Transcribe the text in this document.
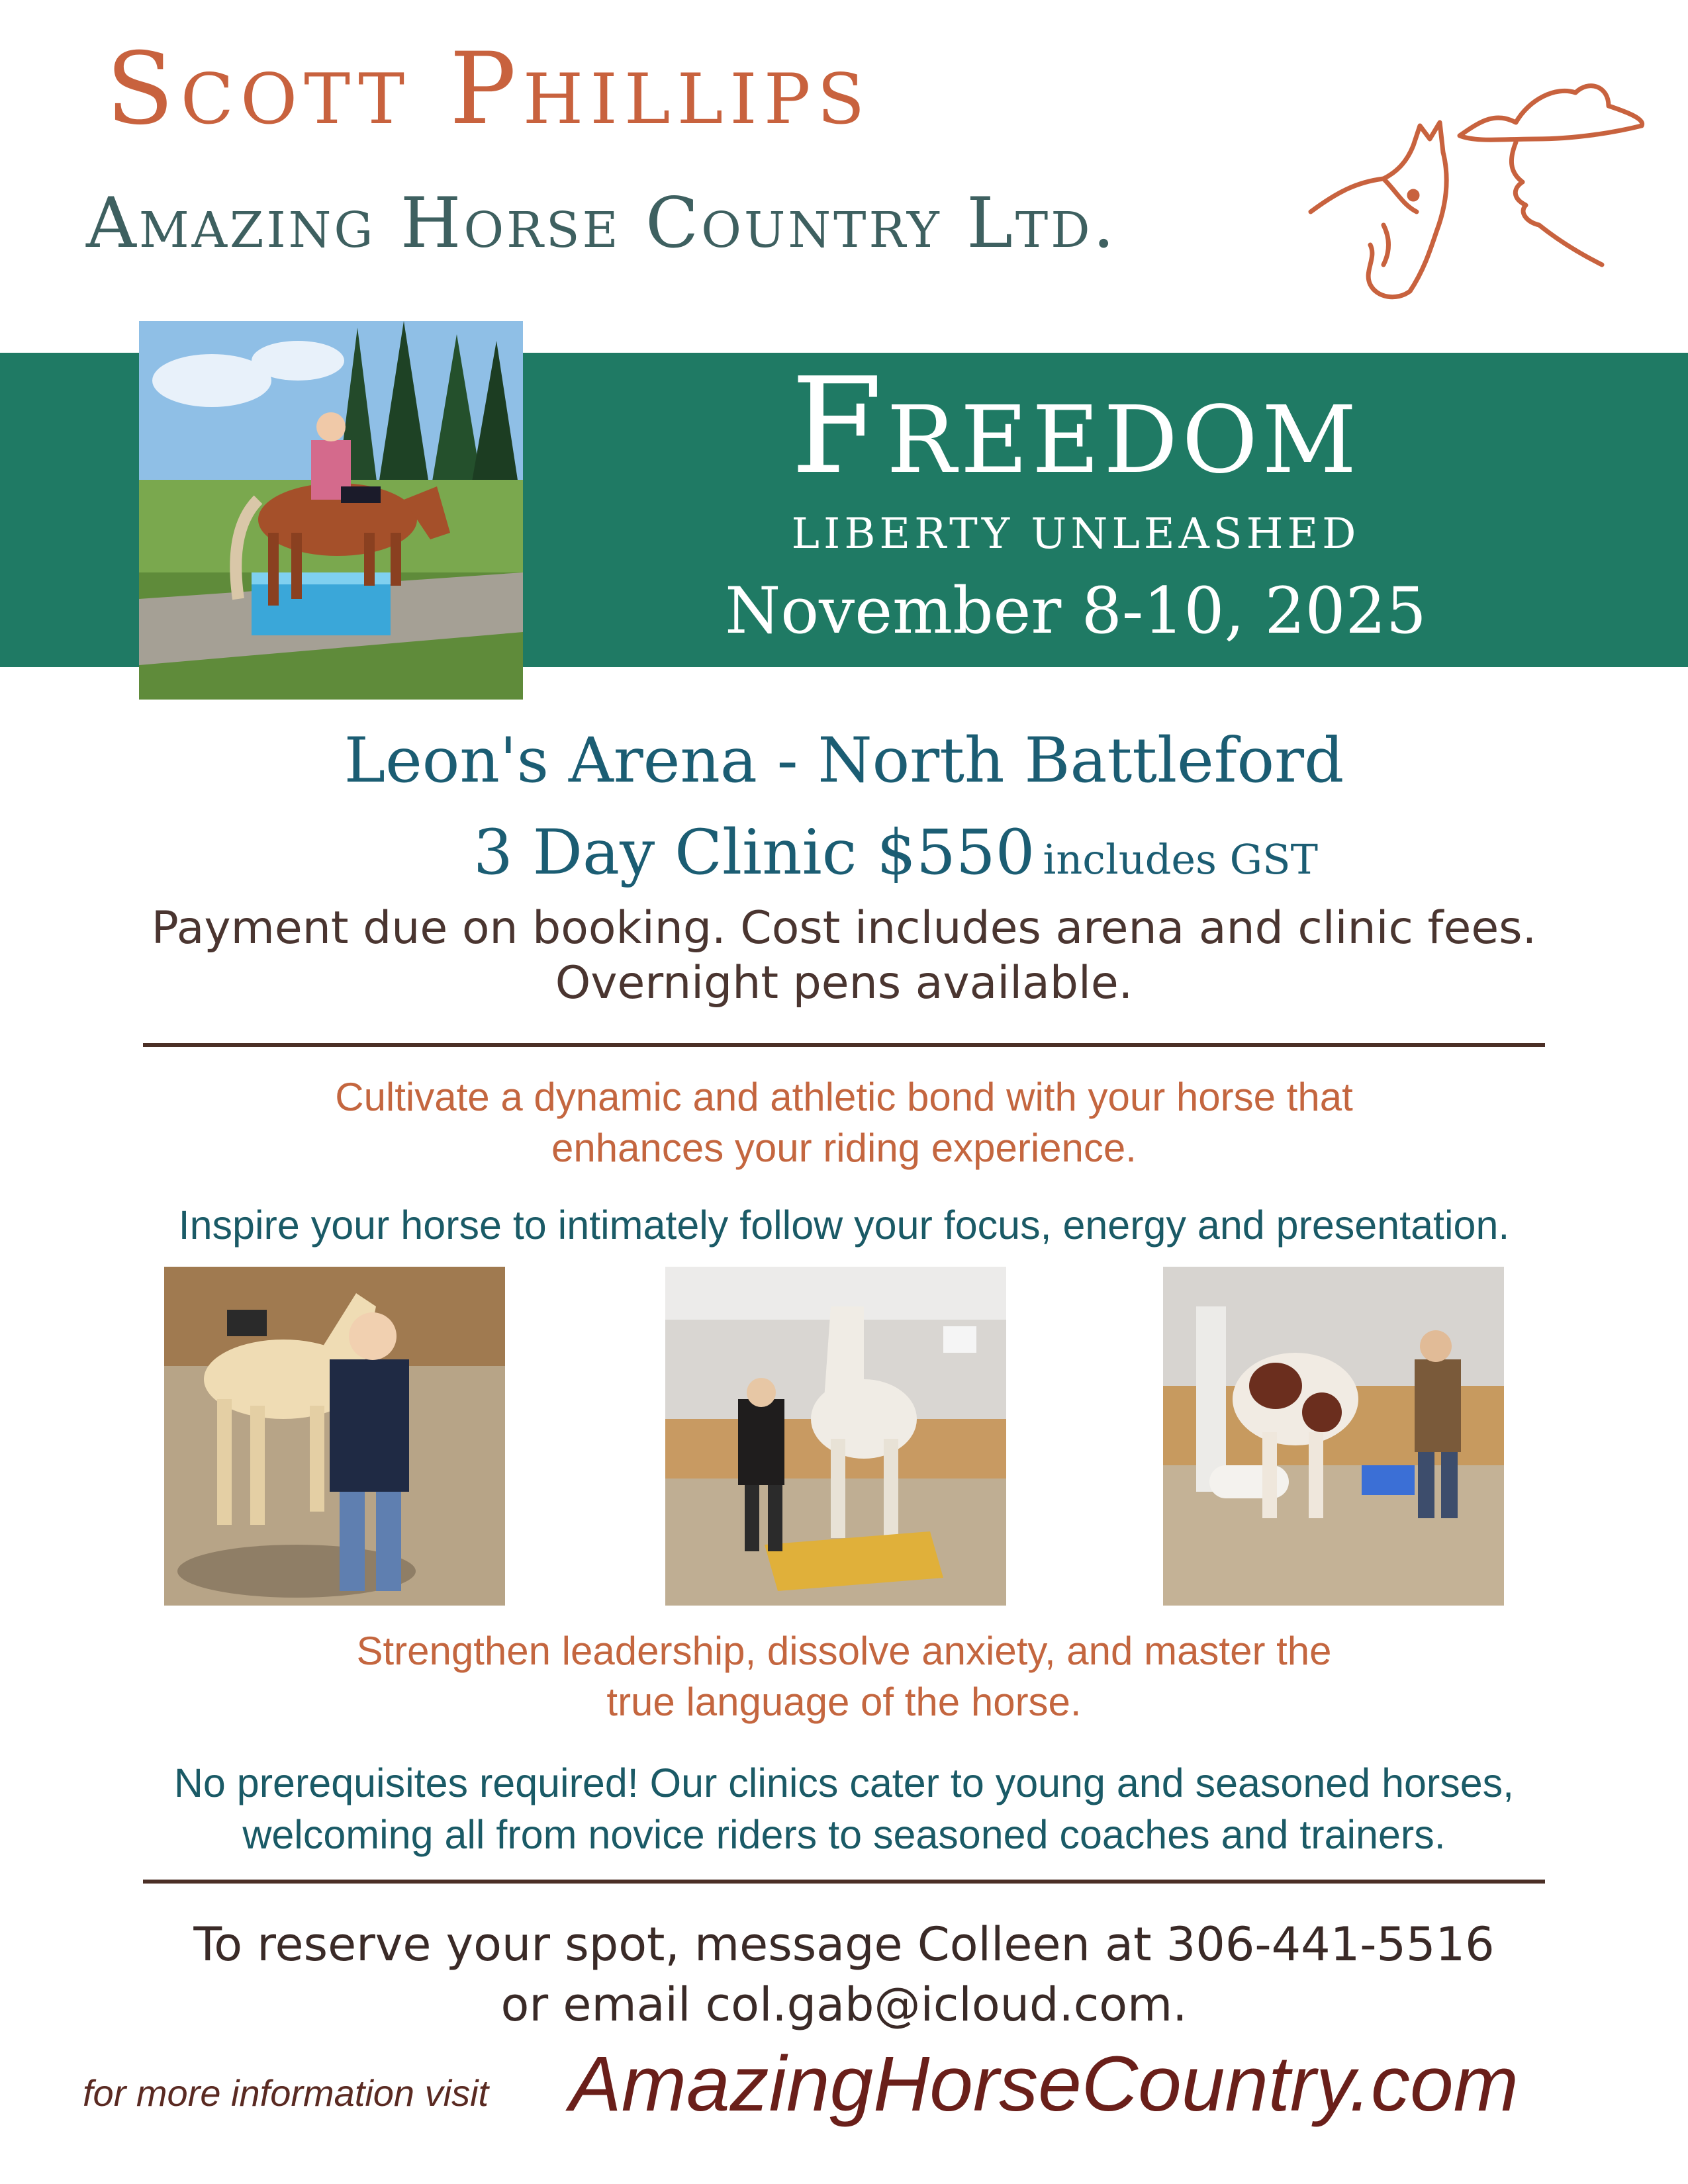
Scott Phillips
Amazing Horse Country Ltd.
Freedom
LIBERTY UNLEASHED
November 8-10, 2025
Leon's Arena - North Battleford
3 Day Clinic $550 includes GST
Payment due on booking. Cost includes arena and clinic fees.
Overnight pens available.
Cultivate a dynamic and athletic bond with your horse that
enhances your riding experience.
Inspire your horse to intimately follow your focus, energy and presentation.
Strengthen leadership, dissolve anxiety, and master the
true language of the horse.
No prerequisites required! Our clinics cater to young and seasoned horses,
welcoming all from novice riders to seasoned coaches and trainers.
To reserve your spot, message Colleen at 306-441-5516
or email col.gab@icloud.com.
for more information visit AmazingHorseCountry.com
